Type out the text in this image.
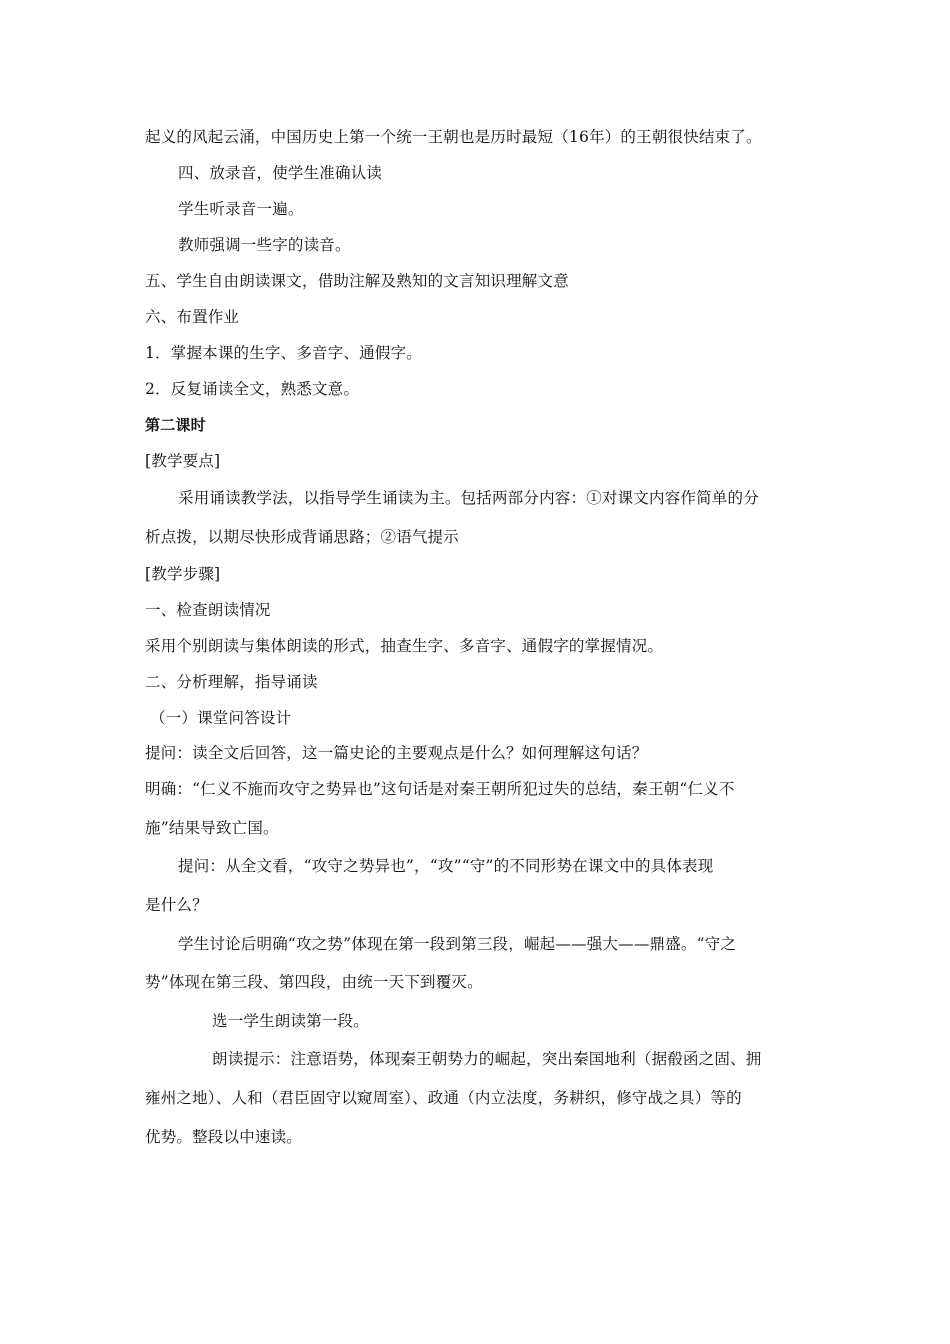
起义的风起云涌，中国历史上第一个统一王朝也是历时最短（16年）的王朝很快结束了。
四、放录音，使学生准确认读
学生听录音一遍。
教师强调一些字的读音。
五、学生自由朗读课文，借助注解及熟知的文言知识理解文意
六、布置作业
1．掌握本课的生字、多音字、通假字。
2．反复诵读全文，熟悉文意。
第二课时
[教学要点]
采用诵读教学法，以指导学生诵读为主。包括两部分内容：①对课文内容作简单的分
析点拨，以期尽快形成背诵思路；②语气提示
[教学步骤]
一、检查朗读情况
采用个别朗读与集体朗读的形式，抽查生字、多音字、通假字的掌握情况。
二、分析理解，指导诵读
（一）课堂问答设计
提问：读全文后回答，这一篇史论的主要观点是什么？如何理解这句话？
明确：“仁义不施而攻守之势异也”这句话是对秦王朝所犯过失的总结，秦王朝“仁义不
施”结果导致亡国。
提问：从全文看，“攻守之势异也”，“攻”“守”的不同形势在课文中的具体表现
是什么？
学生讨论后明确“攻之势”体现在第一段到第三段，崛起——强大——鼎盛。“守之
势”体现在第三段、第四段，由统一天下到覆灭。
选一学生朗读第一段。
朗读提示：注意语势，体现秦王朝势力的崛起，突出秦国地利（据殽函之固、拥
雍州之地）、人和（君臣固守以窥周室）、政通（内立法度，务耕织，修守战之具）等的
优势。整段以中速读。
